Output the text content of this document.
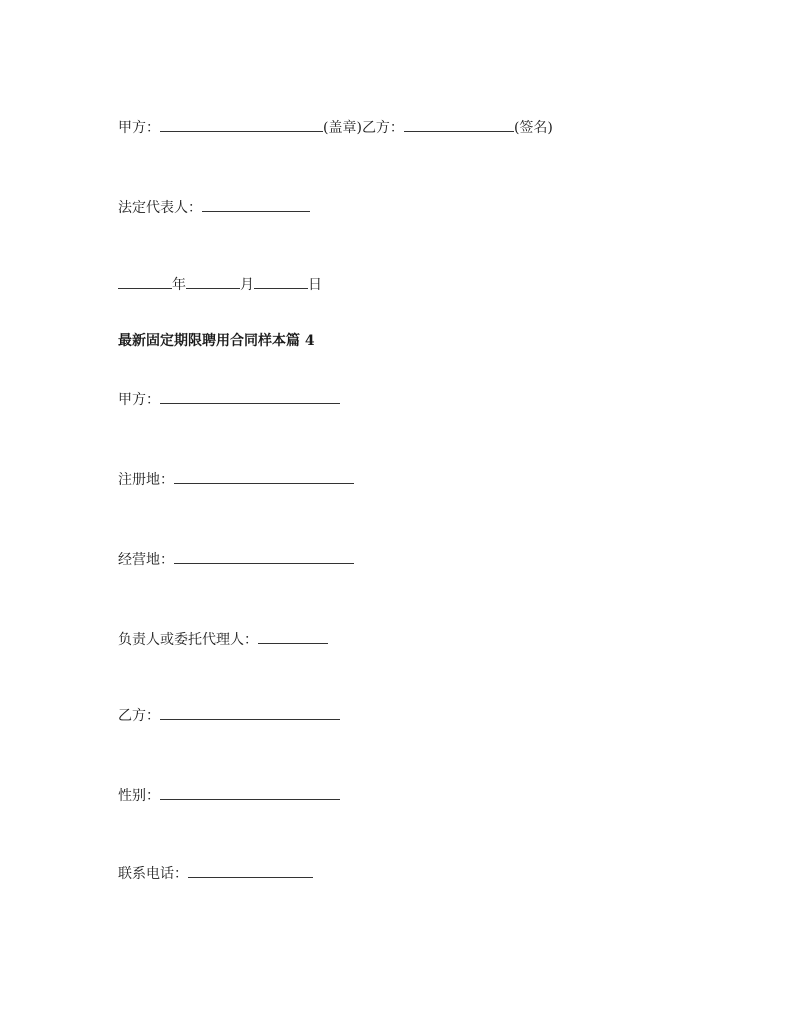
甲方：	(盖章)乙方：	(签名)
法定代表人：
年	月	日
最新固定期限聘用合同样本篇 4
甲方：
注册地：
经营地：
负责人或委托代理人：
乙方：
性别：
联系电话：
